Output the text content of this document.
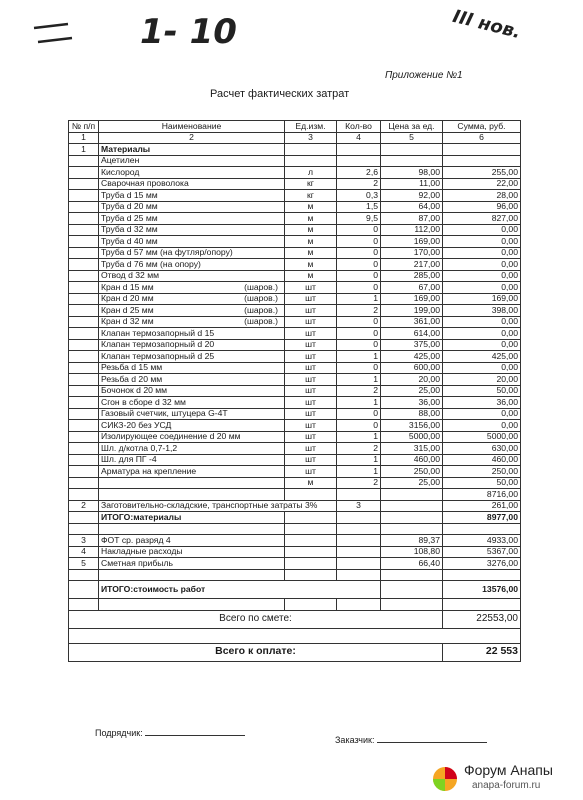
1- 10	III нов.
Приложение №1
Расчет фактических затрат
№ п/п	Наименование	Ед.изм.	Кол-во	Цена за ед.	Сумма, руб.
1	2	3	4	5	6
1	Материалы				
	Ацетилен				
	Кислород	л	2,6	98,00	255,00
	Сварочная проволока	кг	2	11,00	22,00
	Труба d 15 мм	кг	0,3	92,00	28,00
	Труба d 20 мм	м	1,5	64,00	96,00
	Труба d 25 мм	м	9,5	87,00	827,00
	Труба d 32 мм	м	0	112,00	0,00
	Труба d 40 мм	м	0	169,00	0,00
	Труба d 57 мм (на футляр/опору)	м	0	170,00	0,00
	Труба d 76 мм (на опору)	м	0	217,00	0,00
	Отвод d 32 мм	м	0	285,00	0,00
	Кран d 15 мм (шаров.)	шт	0	67,00	0,00
	Кран d 20 мм (шаров.)	шт	1	169,00	169,00
	Кран d 25 мм (шаров.)	шт	2	199,00	398,00
	Кран d 32 мм (шаров.)	шт	0	361,00	0,00
	Клапан термозапорный d 15	шт	0	614,00	0,00
	Клапан термозапорный d 20	шт	0	375,00	0,00
	Клапан термозапорный d 25	шт	1	425,00	425,00
	Резьба d 15 мм	шт	0	600,00	0,00
	Резьба d 20 мм	шт	1	20,00	20,00
	Бочонок d 20 мм	шт	2	25,00	50,00
	Сгон в сборе d 32 мм	шт	1	36,00	36,00
	Газовый счетчик, штуцера G-4T	шт	0	88,00	0,00
	СИКЗ-20 без УСД	шт	0	3156,00	0,00
	Изолирующее соединение d 20 мм	шт	1	5000,00	5000,00
	Шл. д/котла 0,7-1,2	шт	2	315,00	630,00
	Шл. для ПГ -4	шт	1	460,00	460,00
	Арматура на крепление	шт	1	250,00	250,00
		м	2	25,00	50,00
					8716,00
2	Заготовительно-складские, транспортные затраты 3%		3		261,00
	ИТОГО:материалы				8977,00

3	ФОТ ср. разряд 4			89,37	4933,00
4	Накладные расходы			108,80	5367,00
5	Сметная прибыль			66,40	3276,00

	ИТОГО:стоимость работ				13576,00

Всего по смете:					22553,00

Всего к оплате:					22 553
Подрядчик:
Заказчик:
Форум Анапы
anapa-forum.ru
